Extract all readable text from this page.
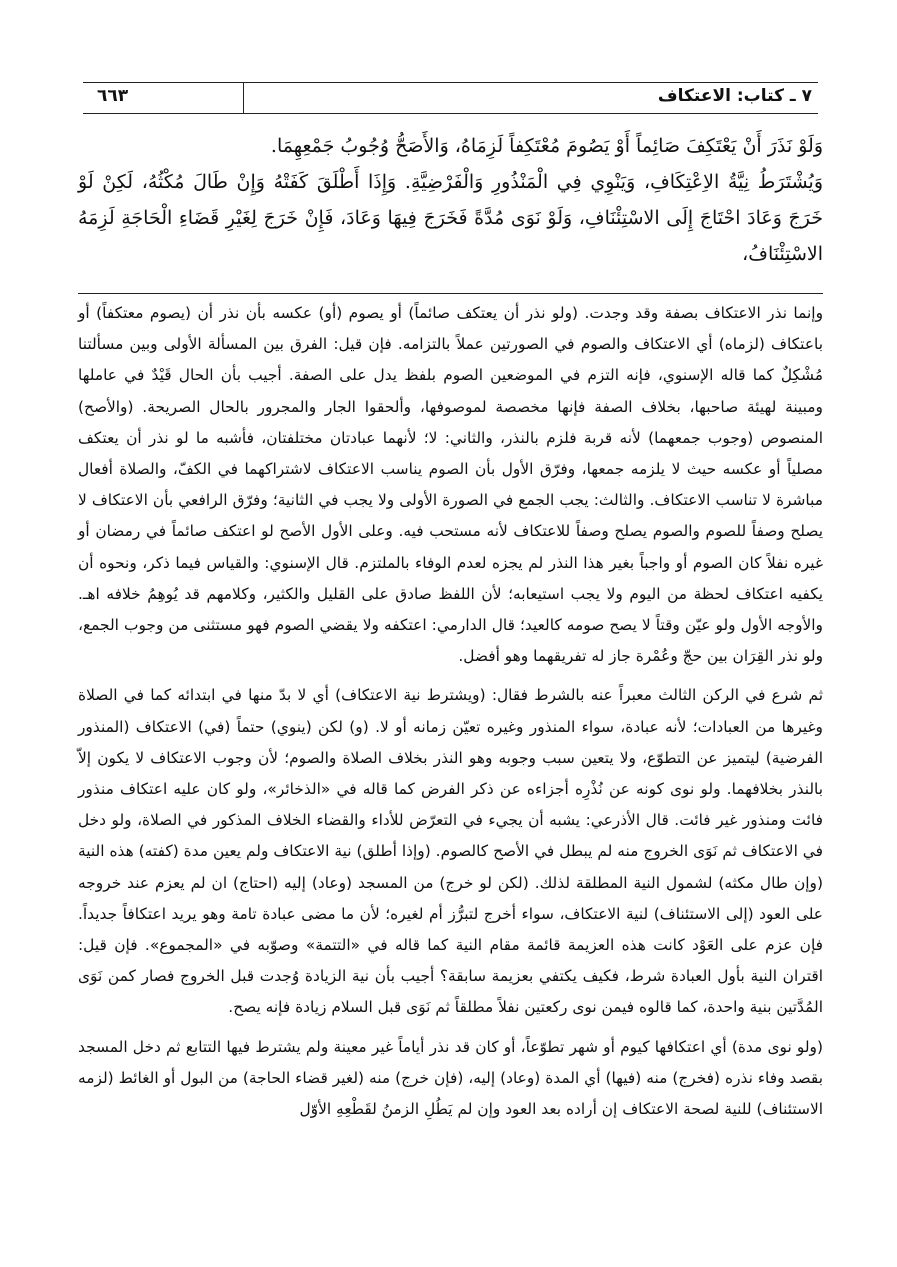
٧ ـ كتاب: الاعتكاف
٦٦٣

وَلَوْ نَذَرَ أَنْ يَعْتَكِفَ صَائِماً أَوْ يَصُومَ مُعْتَكِفاً لَزِمَاهُ، وَالأَصَحُّ وُجُوبُ جَمْعِهِمَا.

وَيُشْتَرَطُ نِيَّةُ الاِعْتِكَافِ، وَيَنْوِي فِي الْمَنْذُورِ وَالْفَرْضِيَّةِ. وَإِذَا أَطْلَقَ كَفَتْهُ وَإِنْ طَالَ مُكْثُهُ، لَكِنْ لَوْ خَرَجَ وَعَادَ احْتَاجَ إِلَى الاسْتِئْنَافِ، وَلَوْ نَوَى مُدَّةً فَخَرَجَ فِيهَا وَعَادَ، فَإِنْ خَرَجَ لِغَيْرِ قَضَاءِ الْحَاجَةِ لَزِمَهُ الاسْتِئْنَافُ،

وإنما نذر الاعتكاف بصفة وقد وجدت. (ولو نذر أن يعتكف صائماً) أو يصوم (أو) عكسه بأن نذر أن (يصوم معتكفاً) أو باعتكاف (لزماه) أي الاعتكاف والصوم في الصورتين عملاً بالتزامه. فإن قيل: الفرق بين المسألة الأولى وبين مسألتنا مُشْكِلٌ كما قاله الإسنوي، فإنه التزم في الموضعين الصوم بلفظ يدل على الصفة. أجيب بأن الحال قَيْدٌ في عاملها ومبينة لهيئة صاحبها، بخلاف الصفة فإنها مخصصة لموصوفها، وألحقوا الجار والمجرور بالحال الصريحة. (والأصح) المنصوص (وجوب جمعهما) لأنه قربة فلزم بالنذر، والثاني: لا؛ لأنهما عبادتان مختلفتان، فأشبه ما لو نذر أن يعتكف مصلياً أو عكسه حيث لا يلزمه جمعها، وفرّق الأول بأن الصوم يناسب الاعتكاف لاشتراكهما في الكفّ، والصلاة أفعال مباشرة لا تناسب الاعتكاف. والثالث: يجب الجمع في الصورة الأولى ولا يجب في الثانية؛ وفرّق الرافعي بأن الاعتكاف لا يصلح وصفاً للصوم والصوم يصلح وصفاً للاعتكاف لأنه مستحب فيه. وعلى الأول الأصح لو اعتكف صائماً في رمضان أو غيره نفلاً كان الصوم أو واجباً بغير هذا النذر لم يجزه لعدم الوفاء بالملتزم. قال الإسنوي: والقياس فيما ذكر، ونحوه أن يكفيه اعتكاف لحظة من اليوم ولا يجب استيعابه؛ لأن اللفظ صادق على القليل والكثير، وكلامهم قد يُوهِمُ خلافه اهـ. والأوجه الأول ولو عيّن وقتاً لا يصح صومه كالعيد؛ قال الدارمي: اعتكفه ولا يقضي الصوم فهو مستثنى من وجوب الجمع، ولو نذر القِرَان بين حجّ وعُمْرة جاز له تفريقهما وهو أفضل.

ثم شرع في الركن الثالث معبراً عنه بالشرط فقال: (ويشترط نية الاعتكاف) أي لا بدّ منها في ابتدائه كما في الصلاة وغيرها من العبادات؛ لأنه عبادة، سواء المنذور وغيره تعيّن زمانه أو لا. (و) لكن (ينوي) حتماً (في) الاعتكاف (المنذور الفرضية) ليتميز عن التطوّع، ولا يتعين سبب وجوبه وهو النذر بخلاف الصلاة والصوم؛ لأن وجوب الاعتكاف لا يكون إلاّ بالنذر بخلافهما. ولو نوى كونه عن نُذْرِه أجزاءه عن ذكر الفرض كما قاله في «الذخائر»، ولو كان عليه اعتكاف منذور فائت ومنذور غير فائت. قال الأذرعي: يشبه أن يجيء في التعرّض للأداء والقضاء الخلاف المذكور في الصلاة، ولو دخل في الاعتكاف ثم نَوَى الخروج منه لم يبطل في الأصح كالصوم. (وإذا أطلق) نية الاعتكاف ولم يعين مدة (كفته) هذه النية (وإن طال مكثه) لشمول النية المطلقة لذلك. (لكن لو خرج) من المسجد (وعاد) إليه (احتاج) ان لم يعزم عند خروجه على العود (إلى الاستئناف) لنية الاعتكاف، سواء أخرج لتبرُّز أم لغيره؛ لأن ما مضى عبادة تامة وهو يريد اعتكافاً جديداً. فإن عزم على العَوْد كانت هذه العزيمة قائمة مقام النية كما قاله في «التتمة» وصوّبه في «المجموع». فإن قيل: اقتران النية بأول العبادة شرط، فكيف يكتفي بعزيمة سابقة؟ أجيب بأن نية الزيادة وُجدت قبل الخروج فصار كمن نَوَى المُدَّتين بنية واحدة، كما قالوه فيمن نوى ركعتين نفلاً مطلقاً ثم نَوَى قبل السلام زيادة فإنه يصح.

(ولو نوى مدة) أي اعتكافها كيوم أو شهر تطوّعاً، أو كان قد نذر أياماً غير معينة ولم يشترط فيها التتابع ثم دخل المسجد بقصد وفاء نذره (فخرج) منه (فيها) أي المدة (وعاد) إليه، (فإن خرج) منه (لغير قضاء الحاجة) من البول أو الغائط (لزمه الاستئناف) للنية لصحة الاعتكاف إن أراده بعد العود وإن لم يَطُلِ الزمنُ لقَطْعِهِ الأوّل
